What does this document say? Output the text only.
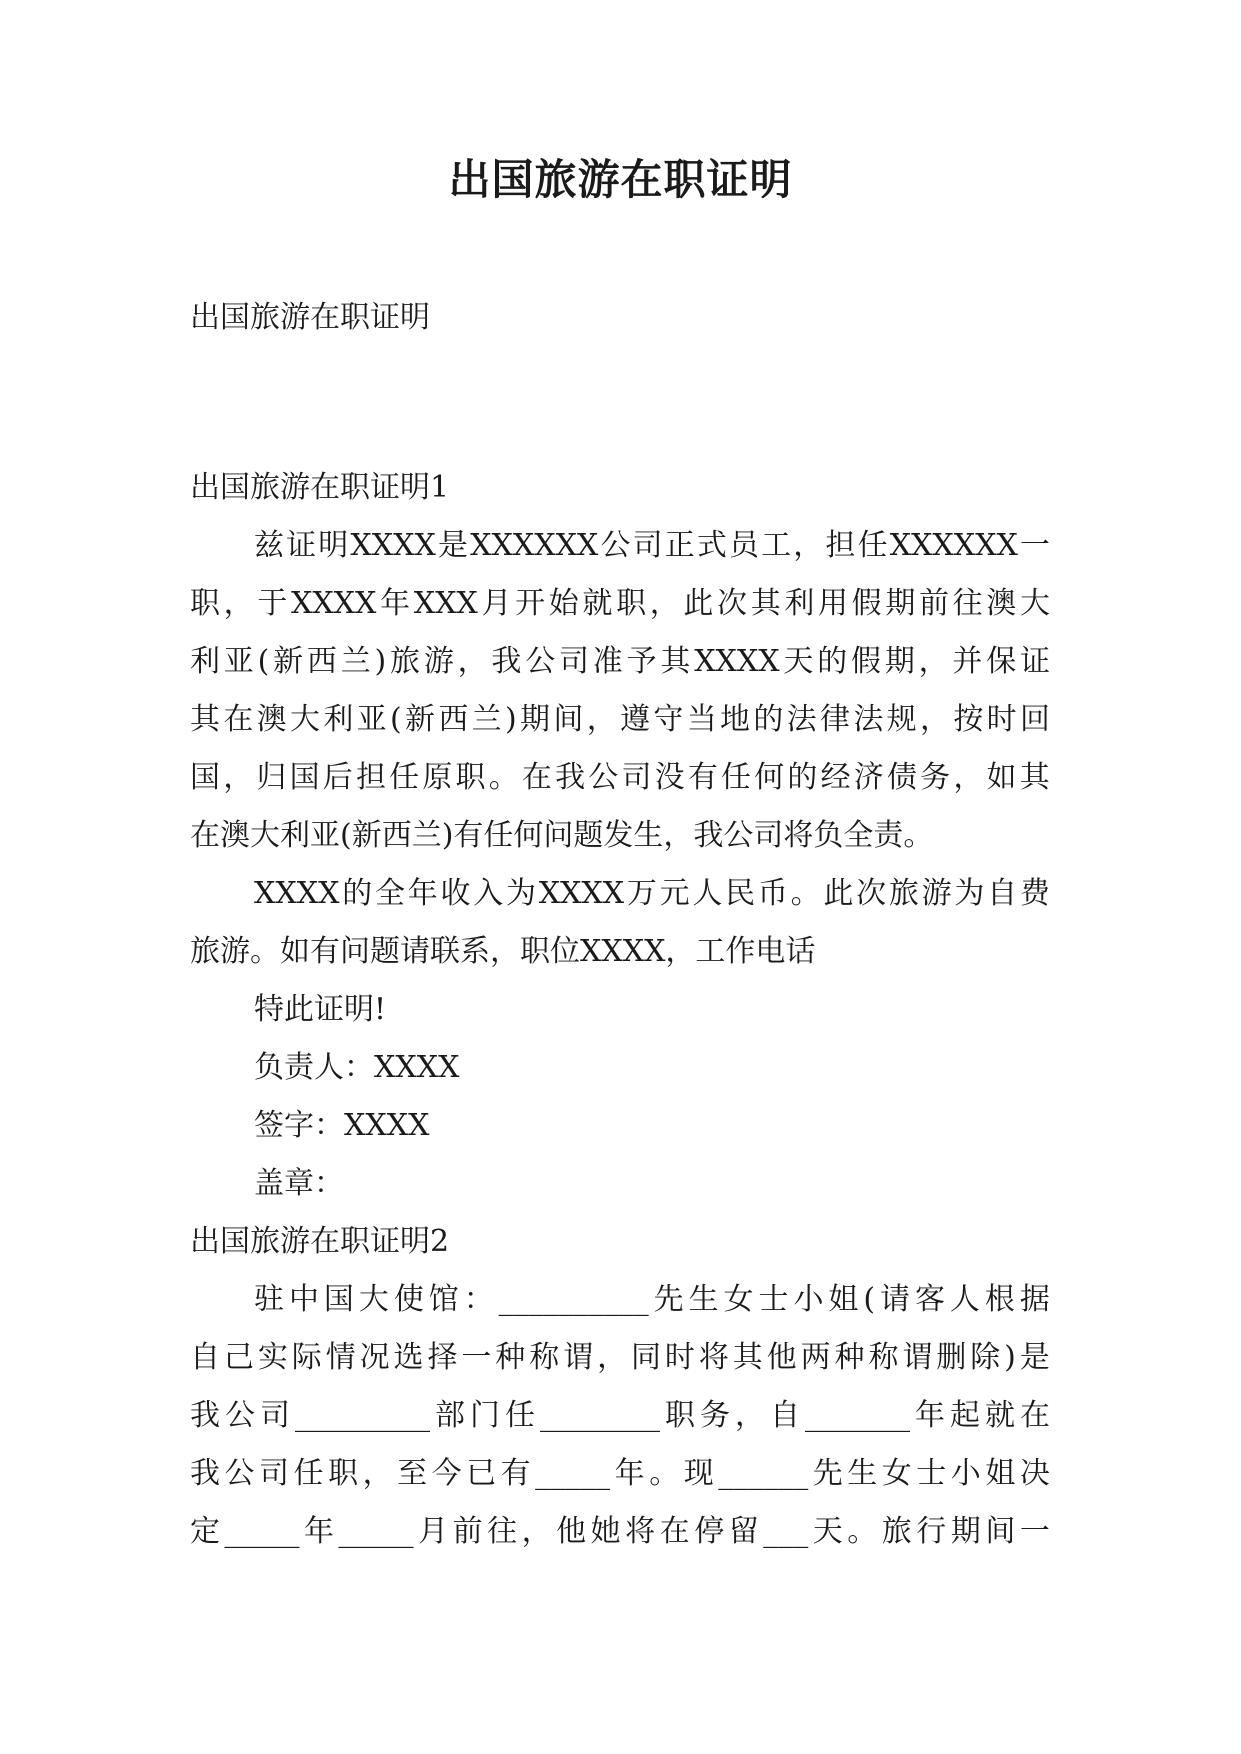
出国旅游在职证明
出国旅游在职证明
出国旅游在职证明1
兹 证 明 XXXX 是 XXXXXX 公 司 正 式 员 工 ， 担 任 XXXXXX 一
职 ， 于 XXXX 年 XXX 月 开 始 就 职 ， 此 次 其 利 用 假 期 前 往 澳 大
利 亚 ( 新 西 兰 ) 旅 游 ， 我 公 司 准 予 其 XXXX 天 的 假 期 ， 并 保 证
其 在 澳 大 利 亚 ( 新 西 兰 ) 期 间 ， 遵 守 当 地 的 法 律 法 规 ， 按 时 回
国 ， 归 国 后 担 任 原 职 。 在 我 公 司 没 有 任 何 的 经 济 债 务 ， 如 其
在澳大利亚(新西兰)有任何问题发生，我公司将负全责。
XXXX 的 全 年 收 入 为 XXXX 万 元 人 民 币 。 此 次 旅 游 为 自 费
旅游。如有问题请联系，职位XXXX，工作电话
特此证明!
负责人：XXXX
签字：XXXX
盖章：
出国旅游在职证明2
驻 中 国 大 使 馆 ： __________ 先 生 女 士 小 姐 ( 请 客 人 根 据
自 己 实 际 情 况 选 择 一 种 称 谓 ， 同 时 将 其 他 两 种 称 谓 删 除 ) 是
我 公 司 _________ 部 门 任 ________ 职 务 ， 自 _______ 年 起 就 在
我 公 司 任 职 ， 至 今 已 有 _____ 年 。 现 ______ 先 生 女 士 小 姐 决
定 _____ 年 _____ 月 前 往 ， 他 她 将 在 停 留 ___ 天 。 旅 行 期 间 一
